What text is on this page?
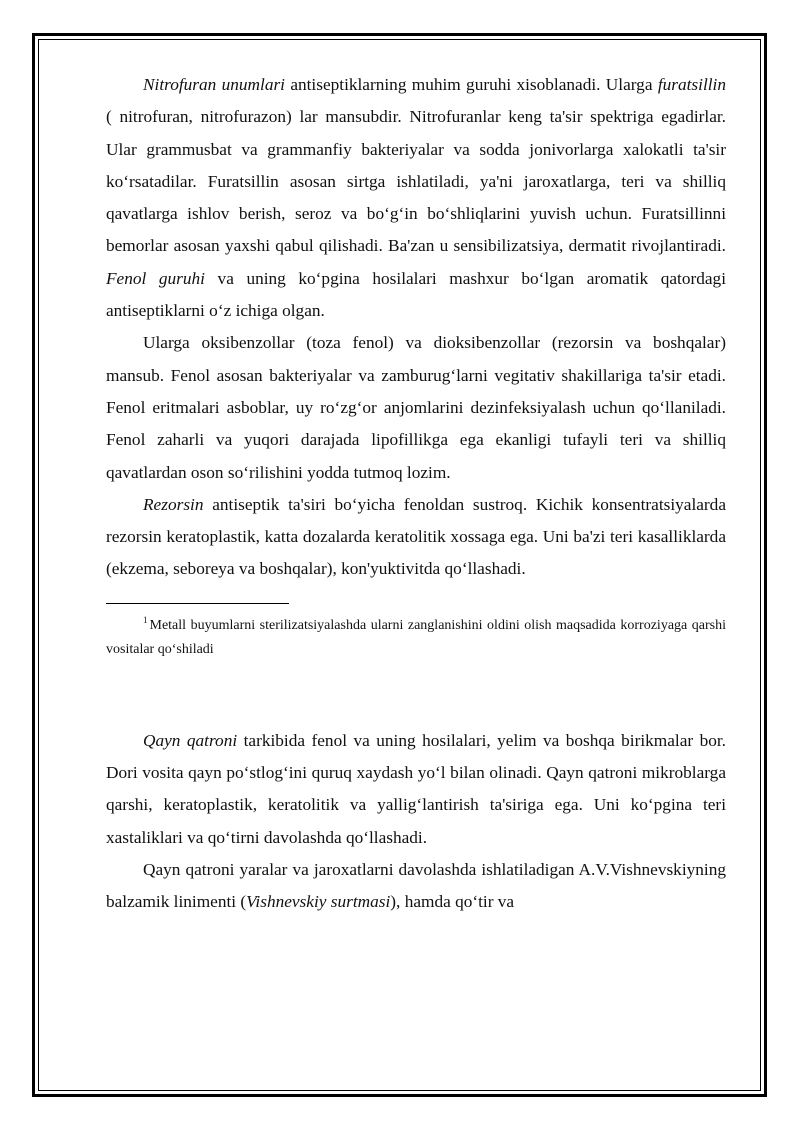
Nitrofuran unumlari antiseptiklarning muhim guruhi xisoblanadi. Ularga furatsillin ( nitrofuran, nitrofurazon) lar mansubdir. Nitrofuranlar keng ta'sir spektriga egadirlar. Ular grammusbat va grammanfiy bakteriyalar va sodda jonivorlarga xalokatli ta'sir ko‘rsatadilar. Furatsillin asosan sirtga ishlatiladi, ya'ni jaroxatlarga, teri va shilliq qavatlarga ishlov berish, seroz va bo‘g‘in bo‘shliqlarini yuvish uchun. Furatsillinni bemorlar asosan yaxshi qabul qilishadi. Ba'zan u sensibilizatsiya, dermatit rivojlantiradi. Fenol guruhi va uning ko‘pgina hosilalari mashxur bo‘lgan aromatik qatordagi antiseptiklarni o‘z ichiga olgan.

Ularga oksibenzollar (toza fenol) va dioksibenzollar (rezorsin va boshqalar) mansub. Fenol asosan bakteriyalar va zamburug‘larni vegitativ shakillariga ta'sir etadi. Fenol eritmalari asboblar, uy ro‘zg‘or anjomlarini dezinfeksiyalash uchun qo‘llaniladi. Fenol zaharli va yuqori darajada lipofillikga ega ekanligi tufayli teri va shilliq qavatlardan oson so‘rilishini yodda tutmoq lozim.

Rezorsin antiseptik ta'siri bo‘yicha fenoldan sustroq. Kichik konsentratsiyalarda rezorsin keratoplastik, katta dozalarda keratolitik xossaga ega. Uni ba'zi teri kasalliklarda (ekzema, seboreya va boshqalar), kon'yuktivitda qo‘llashadi.

$^1$ Metall buyumlarni sterilizatsiyalashda ularni zanglanishini oldini olish maqsadida korroziyaga qarshi vositalar qo‘shiladi

Qayn qatroni tarkibida fenol va uning hosilalari, yelim va boshqa birikmalar bor. Dori vosita qayn po‘stlog‘ini quruq xaydash yo‘l bilan olinadi. Qayn qatroni mikroblarga qarshi, keratoplastik, keratolitik va yallig‘lantirish ta'siriga ega. Uni ko‘pgina teri xastaliklari va qo‘tirni davolashda qo‘llashadi.

Qayn qatroni yaralar va jaroxatlarni davolashda ishlatiladigan A.V.Vishnevskiyning balzamik linimenti (Vishnevskiy surtmasi), hamda qo‘tir va
